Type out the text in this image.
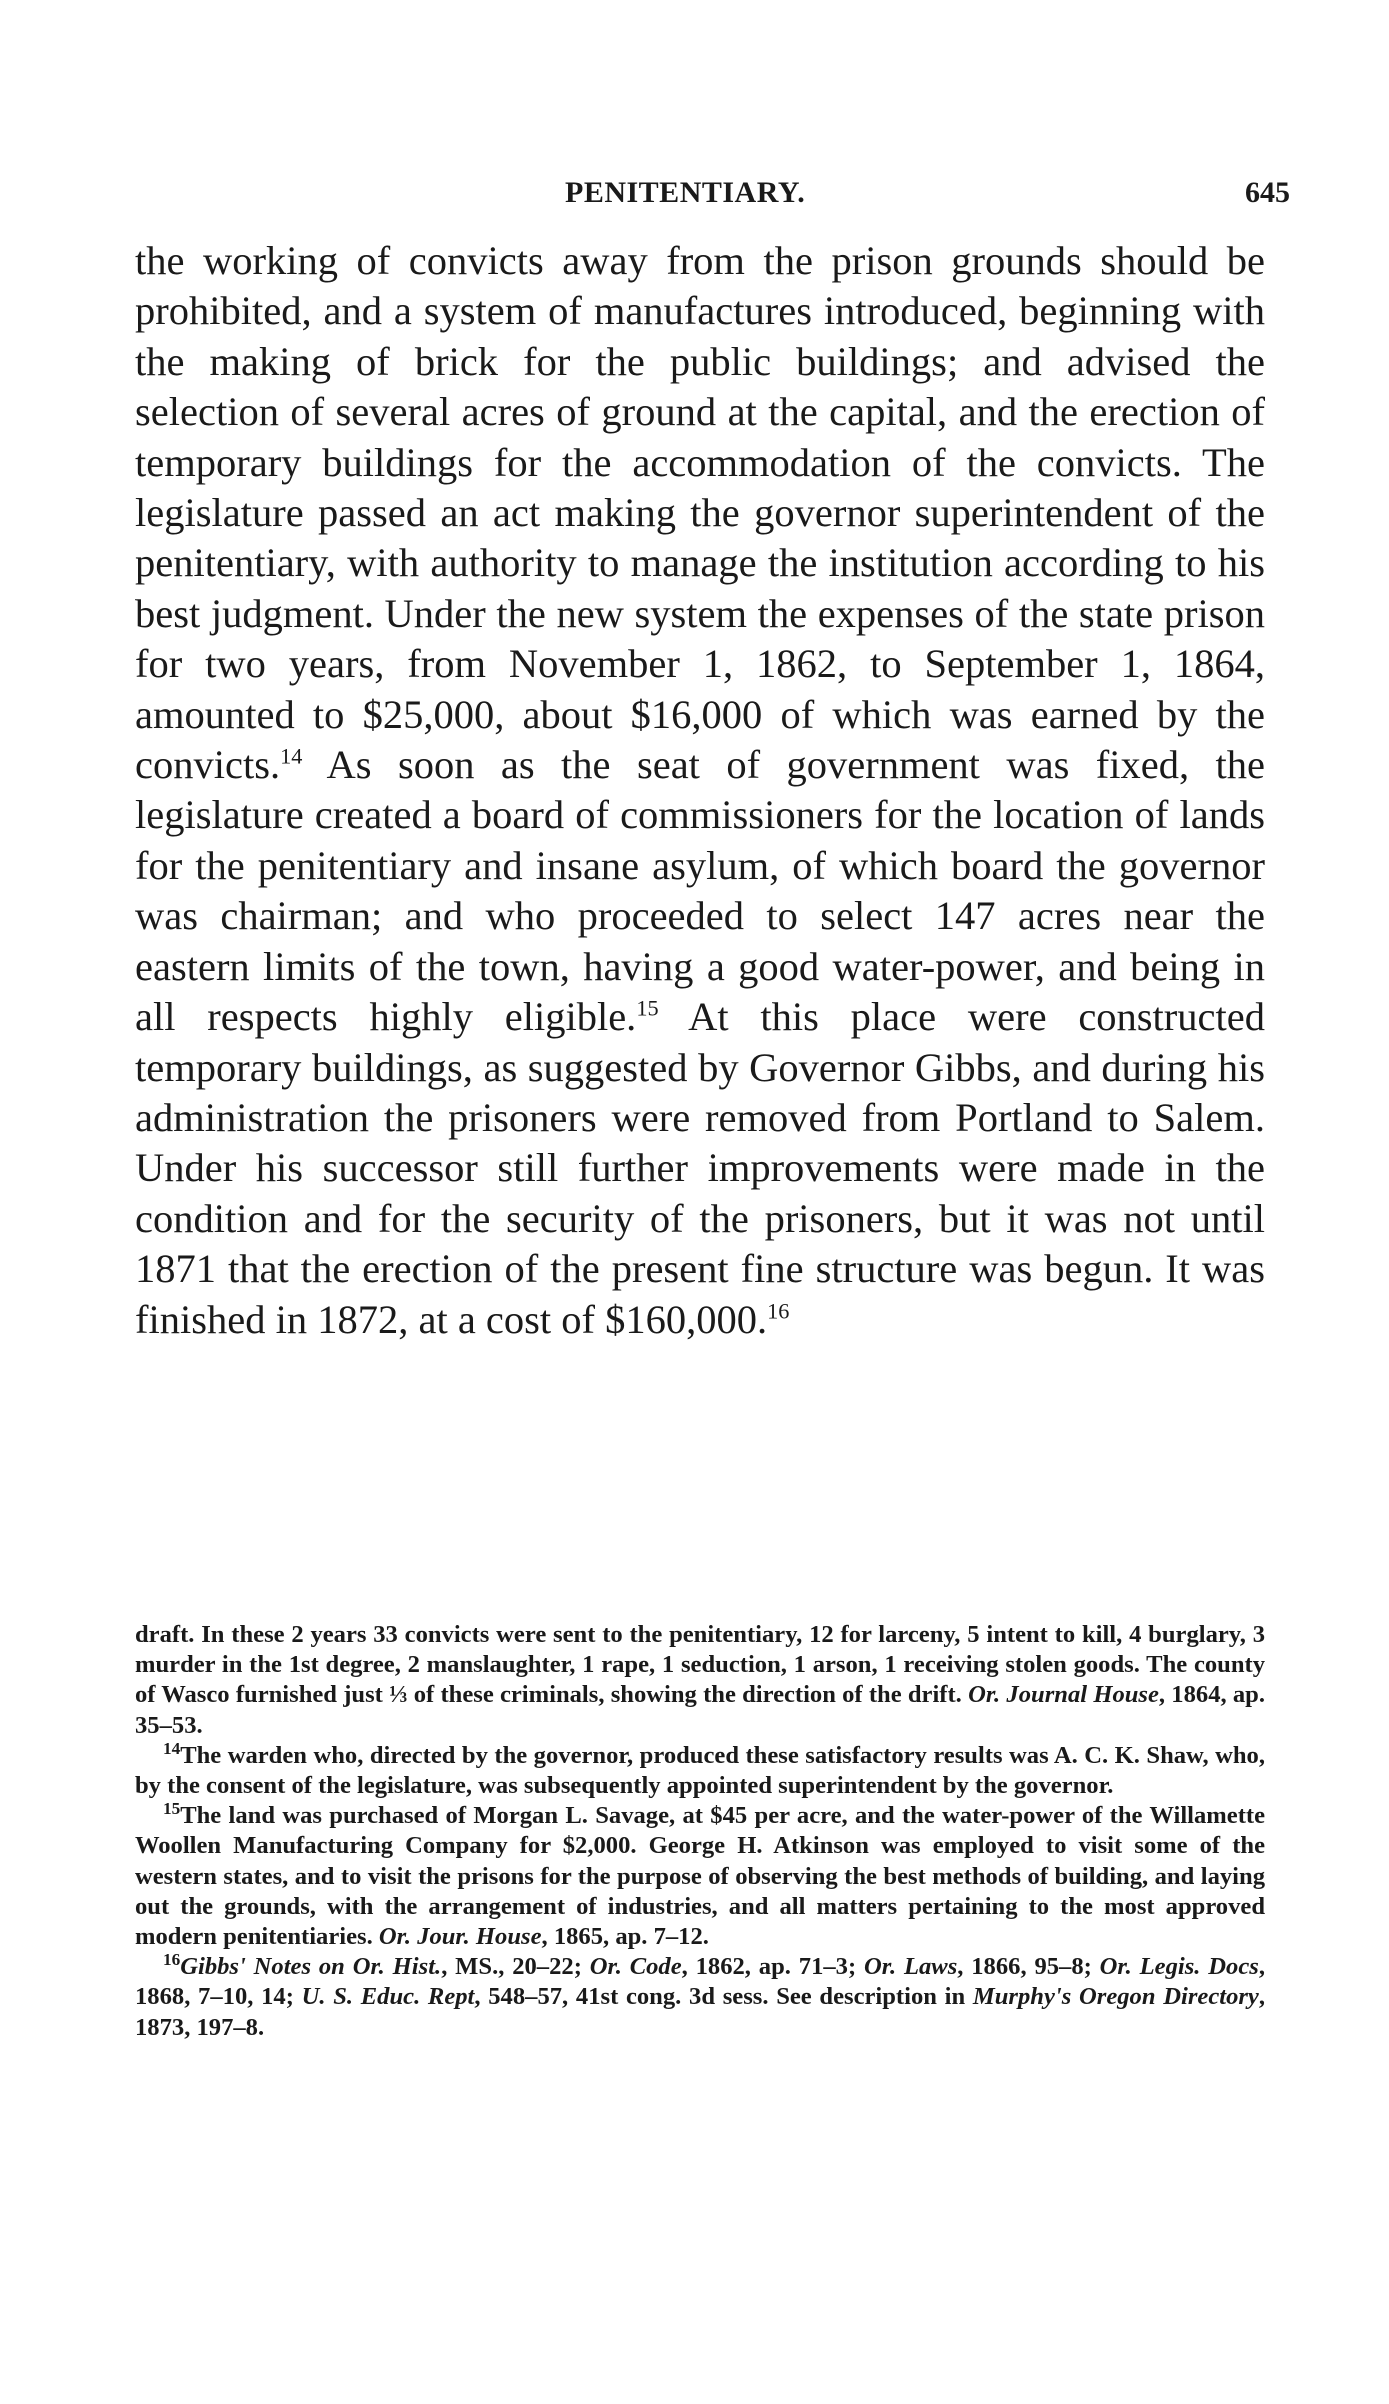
PENITENTIARY.	645

the working of convicts away from the prison grounds should be prohibited, and a system of manufactures introduced, beginning with the making of brick for the public buildings; and advised the selection of several acres of ground at the capital, and the erection of temporary buildings for the accommodation of the convicts. The legislature passed an act making the governor superintendent of the penitentiary, with authority to manage the institution according to his best judgment. Under the new system the expenses of the state prison for two years, from November 1, 1862, to September 1, 1864, amounted to $25,000, about $16,000 of which was earned by the convicts.$^{14}$ As soon as the seat of government was fixed, the legislature created a board of commissioners for the location of lands for the penitentiary and insane asylum, of which board the governor was chairman; and who proceeded to select 147 acres near the eastern limits of the town, having a good water-power, and being in all respects highly eligible.$^{15}$ At this place were constructed temporary buildings, as suggested by Governor Gibbs, and during his administration the prisoners were removed from Portland to Salem. Under his successor still further improvements were made in the condition and for the security of the prisoners, but it was not until 1871 that the erection of the present fine structure was begun. It was finished in 1872, at a cost of $160,000.16

draft. In these 2 years 33 convicts were sent to the penitentiary, 12 for larceny, 5 intent to kill, 4 burglary, 3 murder in the 1st degree, 2 manslaughter, 1 rape, 1 seduction, 1 arson, 1 receiving stolen goods. The county of Wasco furnished just ⅓ of these criminals, showing the direction of the drift. Or. Journal House, 1864, ap. 35–53.

$^{14}$The warden who, directed by the governor, produced these satisfactory results was A. C. K. Shaw, who, by the consent of the legislature, was subsequently appointed superintendent by the governor.

$^{15}$The land was purchased of Morgan L. Savage, at $45 per acre, and the water-power of the Willamette Woollen Manufacturing Company for $2,000. George H. Atkinson was employed to visit some of the western states, and to visit the prisons for the purpose of observing the best methods of building, and laying out the grounds, with the arrangement of industries, and all matters pertaining to the most approved modern penitentiaries. Or. Jour. House, 1865, ap. 7–12.

$^{16}$Gibbs' Notes on Or. Hist., MS., 20–22; Or. Code, 1862, ap. 71–3; Or. Laws, 1866, 95–8; Or. Legis. Docs, 1868, 7–10, 14; U. S. Educ. Rept, 548–57, 41st cong. 3d sess. See description in Murphy's Oregon Directory, 1873, 197–8.
